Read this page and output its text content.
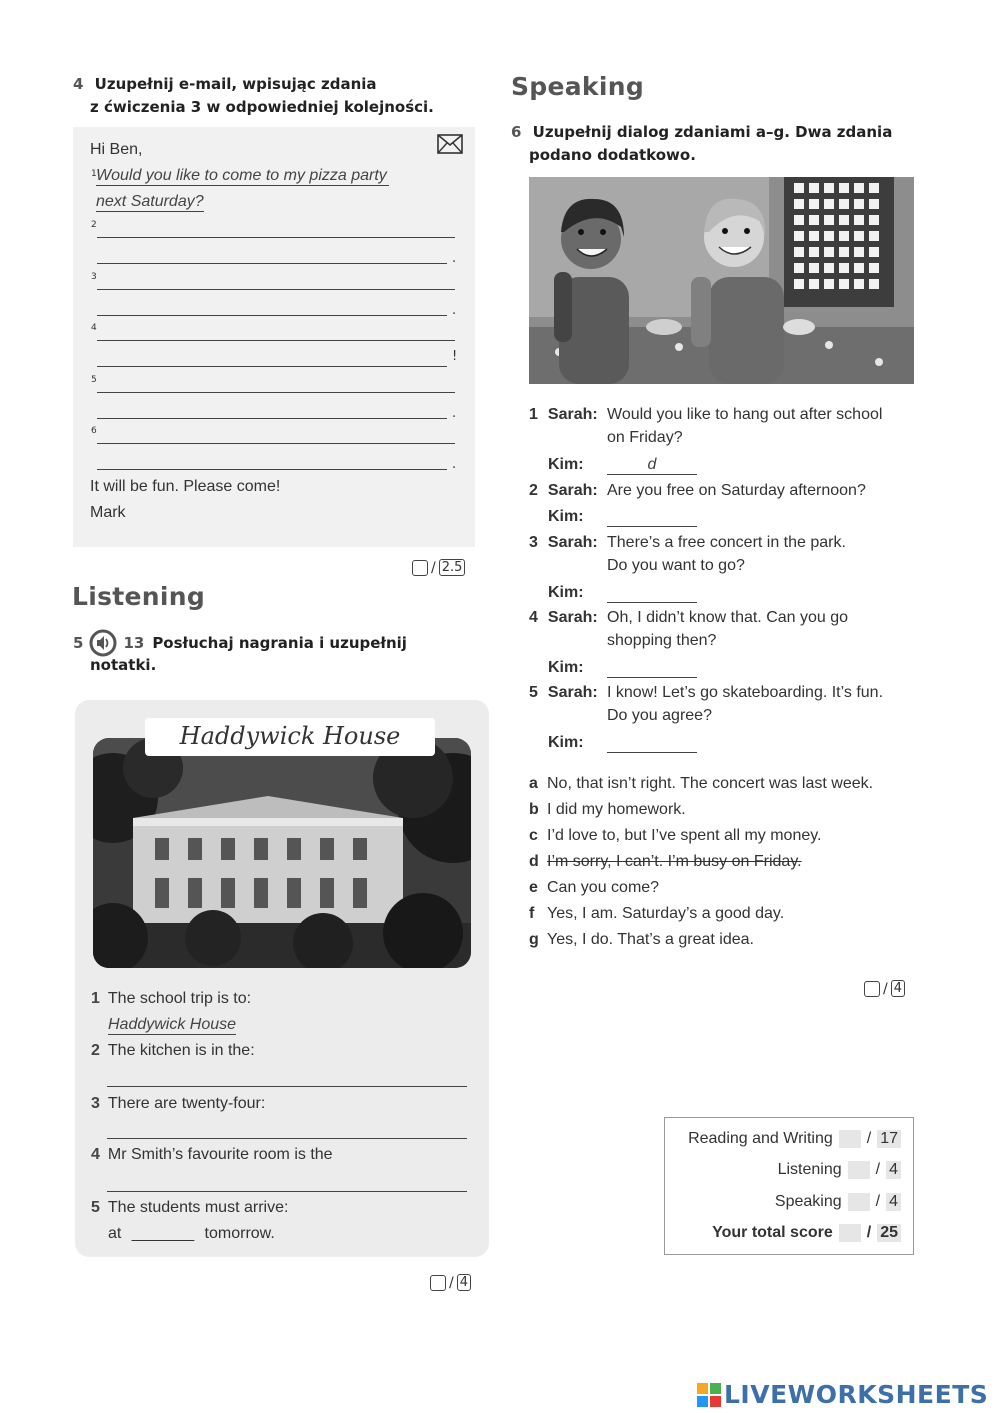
4 Uzupełnij e-mail, wpisując zdania
z ćwiczenia 3 w odpowiedniej kolejności.
Hi Ben,
1 Would you like to come to my pizza party
next Saturday?
2
.
3
.
4
!
5
.
6
.
It will be fun. Please come!
Mark
/ 2.5
Listening
5	13 Posłuchaj nagrania i uzupełnij
notatki.
Haddywick House
1 The school trip is to:
Haddywick House
2 The kitchen is in the:
3 There are twenty-four:
4 Mr Smith’s favourite room is the
5 The students must arrive:
at _______ tomorrow.
/ 4
Speaking
6 Uzupełnij dialog zdaniami a–g. Dwa zdania
podano dodatkowo.
1 Sarah: Would you like to hang out after school
on Friday?
Kim:	d
2 Sarah: Are you free on Saturday afternoon?
Kim:
3 Sarah: There’s a free concert in the park.
Do you want to go?
Kim:
4 Sarah: Oh, I didn’t know that. Can you go
shopping then?
Kim:
5 Sarah: I know! Let’s go skateboarding. It’s fun.
Do you agree?
Kim:
a No, that isn’t right. The concert was last week.
b I did my homework.
c I’d love to, but I’ve spent all my money.
d I’m sorry, I can’t. I’m busy on Friday.
e Can you come?
f Yes, I am. Saturday’s a good day.
g Yes, I do. That’s a great idea.
/ 4
Reading and Writing / 17
Listening / 4
Speaking / 4
Your total score / 25
LIVEWORKSHEETS
